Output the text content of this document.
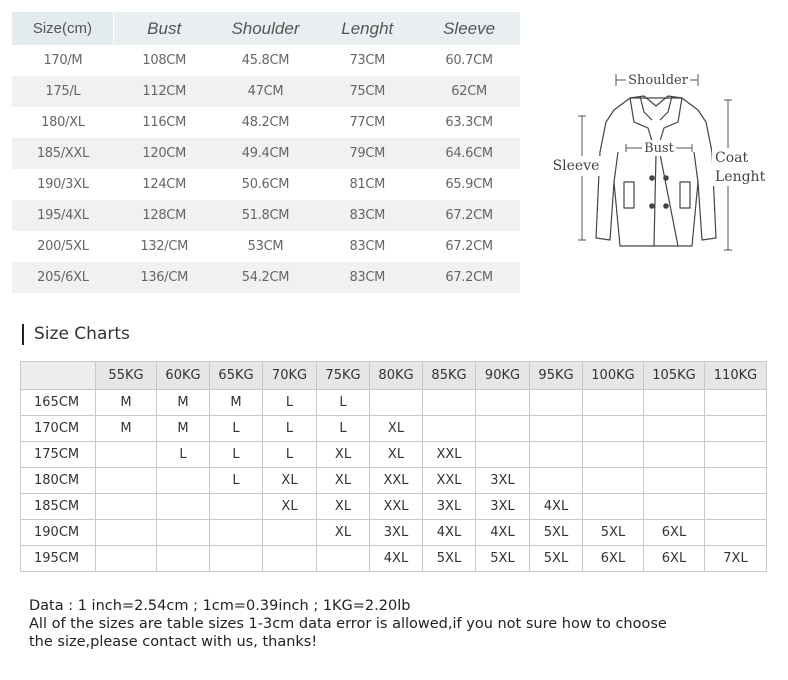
Size(cm)	Bust	Shoulder	Lenght	Sleeve
170/M	108CM	45.8CM	73CM	60.7CM
175/L	112CM	47CM	75CM	62CM
180/XL	116CM	48.2CM	77CM	63.3CM
185/XXL	120CM	49.4CM	79CM	64.6CM
190/3XL	124CM	50.6CM	81CM	65.9CM
195/4XL	128CM	51.8CM	83CM	67.2CM
200/5XL	132/CM	53CM	83CM	67.2CM
205/6XL	136/CM	54.2CM	83CM	67.2CM
Shoulder
Bust
Sleeve	Coat
Lenght
Size Charts
	55KG	60KG	65KG	70KG	75KG	80KG	85KG	90KG	95KG	100KG	105KG	110KG
165CM	M	M	M	L	L							
170CM	M	M	L	L	L	XL						
175CM		L	L	L	XL	XL	XXL					
180CM			L	XL	XL	XXL	XXL	3XL				
185CM				XL	XL	XXL	3XL	3XL	4XL			
190CM					XL	3XL	4XL	4XL	5XL	5XL	6XL	
195CM						4XL	5XL	5XL	5XL	6XL	6XL	7XL
Data : 1 inch=2.54cm ; 1cm=0.39inch ; 1KG=2.20lb
All of the sizes are table sizes 1-3cm data error is allowed,if you not sure how to choose
the size,please contact with us, thanks!
